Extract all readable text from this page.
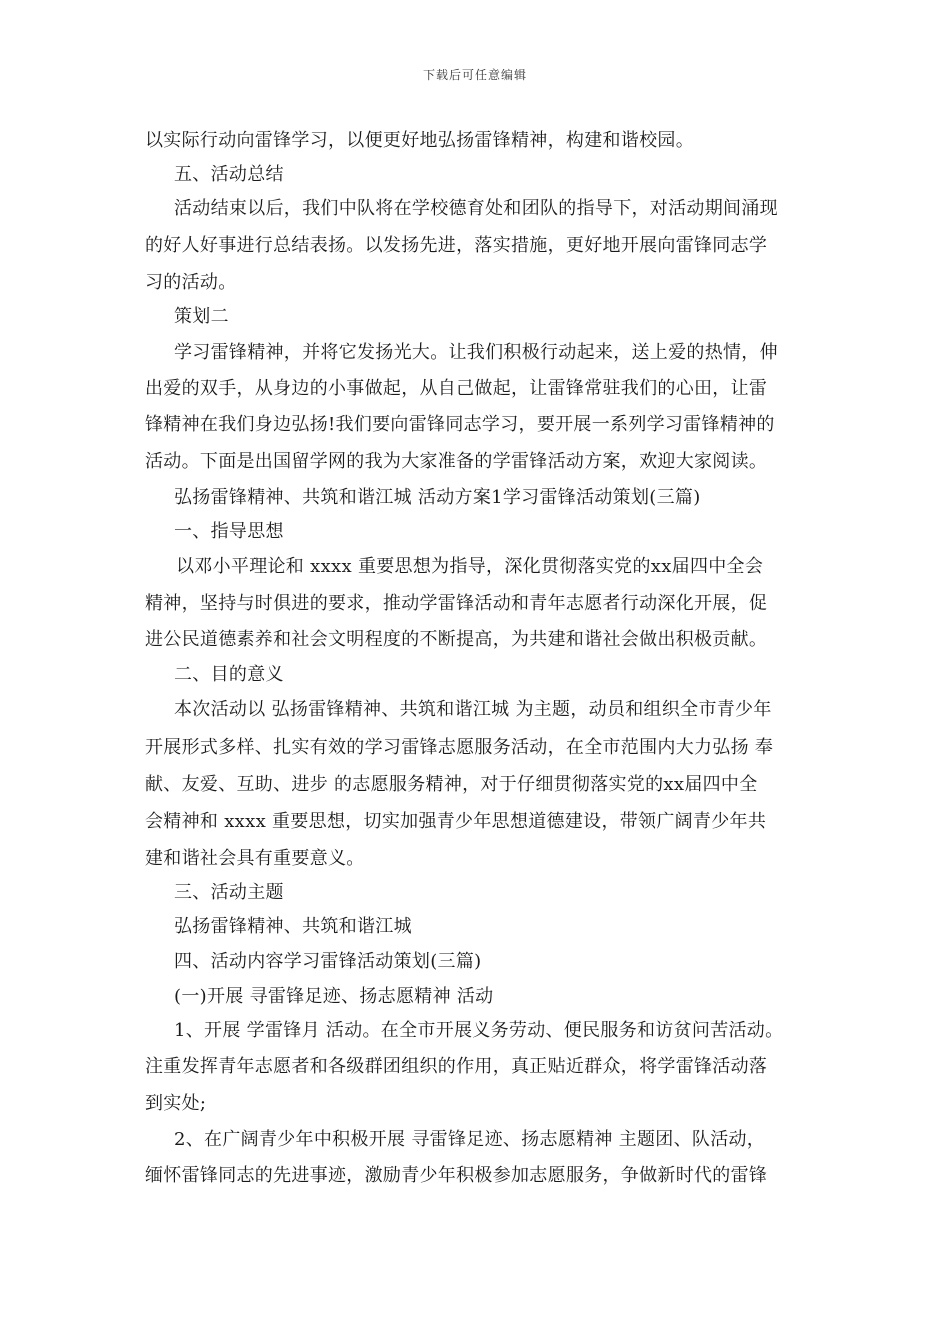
下载后可任意编辑
以实际行动向雷锋学习，以便更好地弘扬雷锋精神，构建和谐校园。
五、活动总结
活动结束以后，我们中队将在学校德育处和团队的指导下，对活动期间涌现
的好人好事进行总结表扬。以发扬先进，落实措施，更好地开展向雷锋同志学
习的活动。
策划二
学习雷锋精神，并将它发扬光大。让我们积极行动起来，送上爱的热情，伸
出爱的双手，从身边的小事做起，从自己做起，让雷锋常驻我们的心田，让雷
锋精神在我们身边弘扬!我们要向雷锋同志学习，要开展一系列学习雷锋精神的
活动。下面是出国留学网的我为大家准备的学雷锋活动方案，欢迎大家阅读。
弘扬雷锋精神、共筑和谐江城 活动方案1学习雷锋活动策划(三篇)
一、指导思想
以邓小平理论和 xxxx 重要思想为指导，深化贯彻落实党的xx届四中全会
精神，坚持与时俱进的要求，推动学雷锋活动和青年志愿者行动深化开展，促
进公民道德素养和社会文明程度的不断提高，为共建和谐社会做出积极贡献。
二、目的意义
本次活动以 弘扬雷锋精神、共筑和谐江城 为主题，动员和组织全市青少年
开展形式多样、扎实有效的学习雷锋志愿服务活动，在全市范围内大力弘扬 奉
献、友爱、互助、进步 的志愿服务精神，对于仔细贯彻落实党的xx届四中全
会精神和 xxxx 重要思想，切实加强青少年思想道德建设，带领广阔青少年共
建和谐社会具有重要意义。
三、活动主题
弘扬雷锋精神、共筑和谐江城
四、活动内容学习雷锋活动策划(三篇)
(一)开展 寻雷锋足迹、扬志愿精神 活动
1、开展 学雷锋月 活动。在全市开展义务劳动、便民服务和访贫问苦活动。
注重发挥青年志愿者和各级群团组织的作用，真正贴近群众，将学雷锋活动落
到实处;
2、在广阔青少年中积极开展 寻雷锋足迹、扬志愿精神 主题团、队活动，
缅怀雷锋同志的先进事迹，激励青少年积极参加志愿服务，争做新时代的雷锋
